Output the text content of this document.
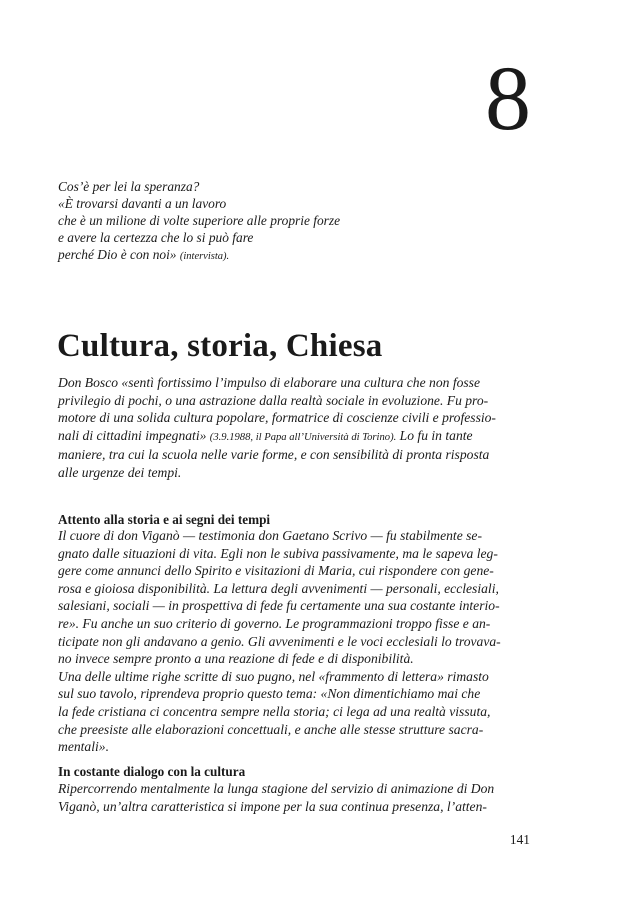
8
Cos’è per lei la speranza?
«È trovarsi davanti a un lavoro
che è un milione di volte superiore alle proprie forze
e avere la certezza che lo si può fare
perché Dio è con noi» (intervista).
Cultura, storia, Chiesa
Don Bosco «sentì fortissimo l’impulso di elaborare una cultura che non fosse
privilegio di pochi, o una astrazione dalla realtà sociale in evoluzione. Fu pro-
motore di una solida cultura popolare, formatrice di coscienze civili e professio-
nali di cittadini impegnati» (3.9.1988, il Papa all’Università di Torino). Lo fu in tante
maniere, tra cui la scuola nelle varie forme, e con sensibilità di pronta risposta
alle urgenze dei tempi.
Attento alla storia e ai segni dei tempi
Il cuore di don Viganò — testimonia don Gaetano Scrivo — fu stabilmente se-
gnato dalle situazioni di vita. Egli non le subiva passivamente, ma le sapeva leg-
gere come annunci dello Spirito e visitazioni di Maria, cui rispondere con gene-
rosa e gioiosa disponibilità. La lettura degli avvenimenti — personali, ecclesiali,
salesiani, sociali — in prospettiva di fede fu certamente una sua costante interio-
re». Fu anche un suo criterio di governo. Le programmazioni troppo fisse e an-
ticipate non gli andavano a genio. Gli avvenimenti e le voci ecclesiali lo trovava-
no invece sempre pronto a una reazione di fede e di disponibilità.
Una delle ultime righe scritte di suo pugno, nel «frammento di lettera» rimasto
sul suo tavolo, riprendeva proprio questo tema: «Non dimentichiamo mai che
la fede cristiana ci concentra sempre nella storia; ci lega ad una realtà vissuta,
che preesiste alle elaborazioni concettuali, e anche alle stesse strutture sacra-
mentali».
In costante dialogo con la cultura
Ripercorrendo mentalmente la lunga stagione del servizio di animazione di Don
Viganò, un’altra caratteristica si impone per la sua continua presenza, l’atten-
141
